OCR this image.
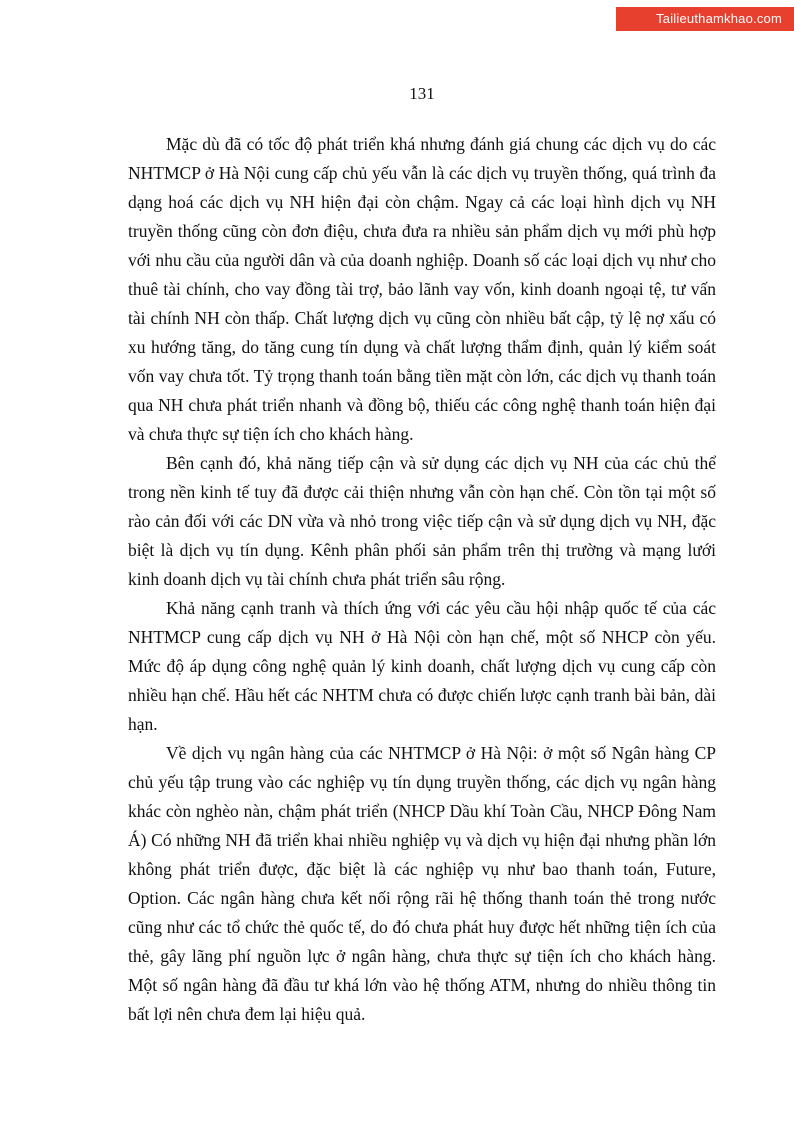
Tailieuthamkhao.com
131

Mặc dù đã có tốc độ phát triển khá nhưng đánh giá chung các dịch vụ do các NHTMCP ở Hà Nội cung cấp chủ yếu vẫn là các dịch vụ truyền thống, quá trình đa dạng hoá các dịch vụ NH hiện đại còn chậm. Ngay cả các loại hình dịch vụ NH truyền thống cũng còn đơn điệu, chưa đưa ra nhiều sản phẩm dịch vụ mới phù hợp với nhu cầu của người dân và của doanh nghiệp. Doanh số các loại dịch vụ như cho thuê tài chính, cho vay đồng tài trợ, bảo lãnh vay vốn, kinh doanh ngoại tệ, tư vấn tài chính NH còn thấp. Chất lượng dịch vụ cũng còn nhiều bất cập, tỷ lệ nợ xấu có xu hướng tăng, do tăng cung tín dụng và chất lượng thẩm định, quản lý kiểm soát vốn vay chưa tốt. Tỷ trọng thanh toán bằng tiền mặt còn lớn, các dịch vụ thanh toán qua NH chưa phát triển nhanh và đồng bộ, thiếu các công nghệ thanh toán hiện đại và chưa thực sự tiện ích cho khách hàng.

Bên cạnh đó, khả năng tiếp cận và sử dụng các dịch vụ NH của các chủ thể trong nền kinh tế tuy đã được cải thiện nhưng vẫn còn hạn chế. Còn tồn tại một số rào cản đối với các DN vừa và nhỏ trong việc tiếp cận và sử dụng dịch vụ NH, đặc biệt là dịch vụ tín dụng. Kênh phân phối sản phẩm trên thị trường và mạng lưới kinh doanh dịch vụ tài chính chưa phát triển sâu rộng.

Khả năng cạnh tranh và thích ứng với các yêu cầu hội nhập quốc tế của các NHTMCP cung cấp dịch vụ NH ở Hà Nội còn hạn chế, một số NHCP còn yếu. Mức độ áp dụng công nghệ quản lý kinh doanh, chất lượng dịch vụ cung cấp còn nhiều hạn chế. Hầu hết các NHTM chưa có được chiến lược cạnh tranh bài bản, dài hạn.

Về dịch vụ ngân hàng của các NHTMCP ở Hà Nội: ở một số Ngân hàng CP chủ yếu tập trung vào các nghiệp vụ tín dụng truyền thống, các dịch vụ ngân hàng khác còn nghèo nàn, chậm phát triển (NHCP Dầu khí Toàn Cầu, NHCP Đông Nam Á) Có những NH đã triển khai nhiều nghiệp vụ và dịch vụ hiện đại nhưng phần lớn không phát triển được, đặc biệt là các nghiệp vụ như bao thanh toán, Future, Option. Các ngân hàng chưa kết nối rộng rãi hệ thống thanh toán thẻ trong nước cũng như các tổ chức thẻ quốc tế, do đó chưa phát huy được hết những tiện ích của thẻ, gây lãng phí nguồn lực ở ngân hàng, chưa thực sự tiện ích cho khách hàng. Một số ngân hàng đã đầu tư khá lớn vào hệ thống ATM, nhưng do nhiều thông tin bất lợi nên chưa đem lại hiệu quả.
